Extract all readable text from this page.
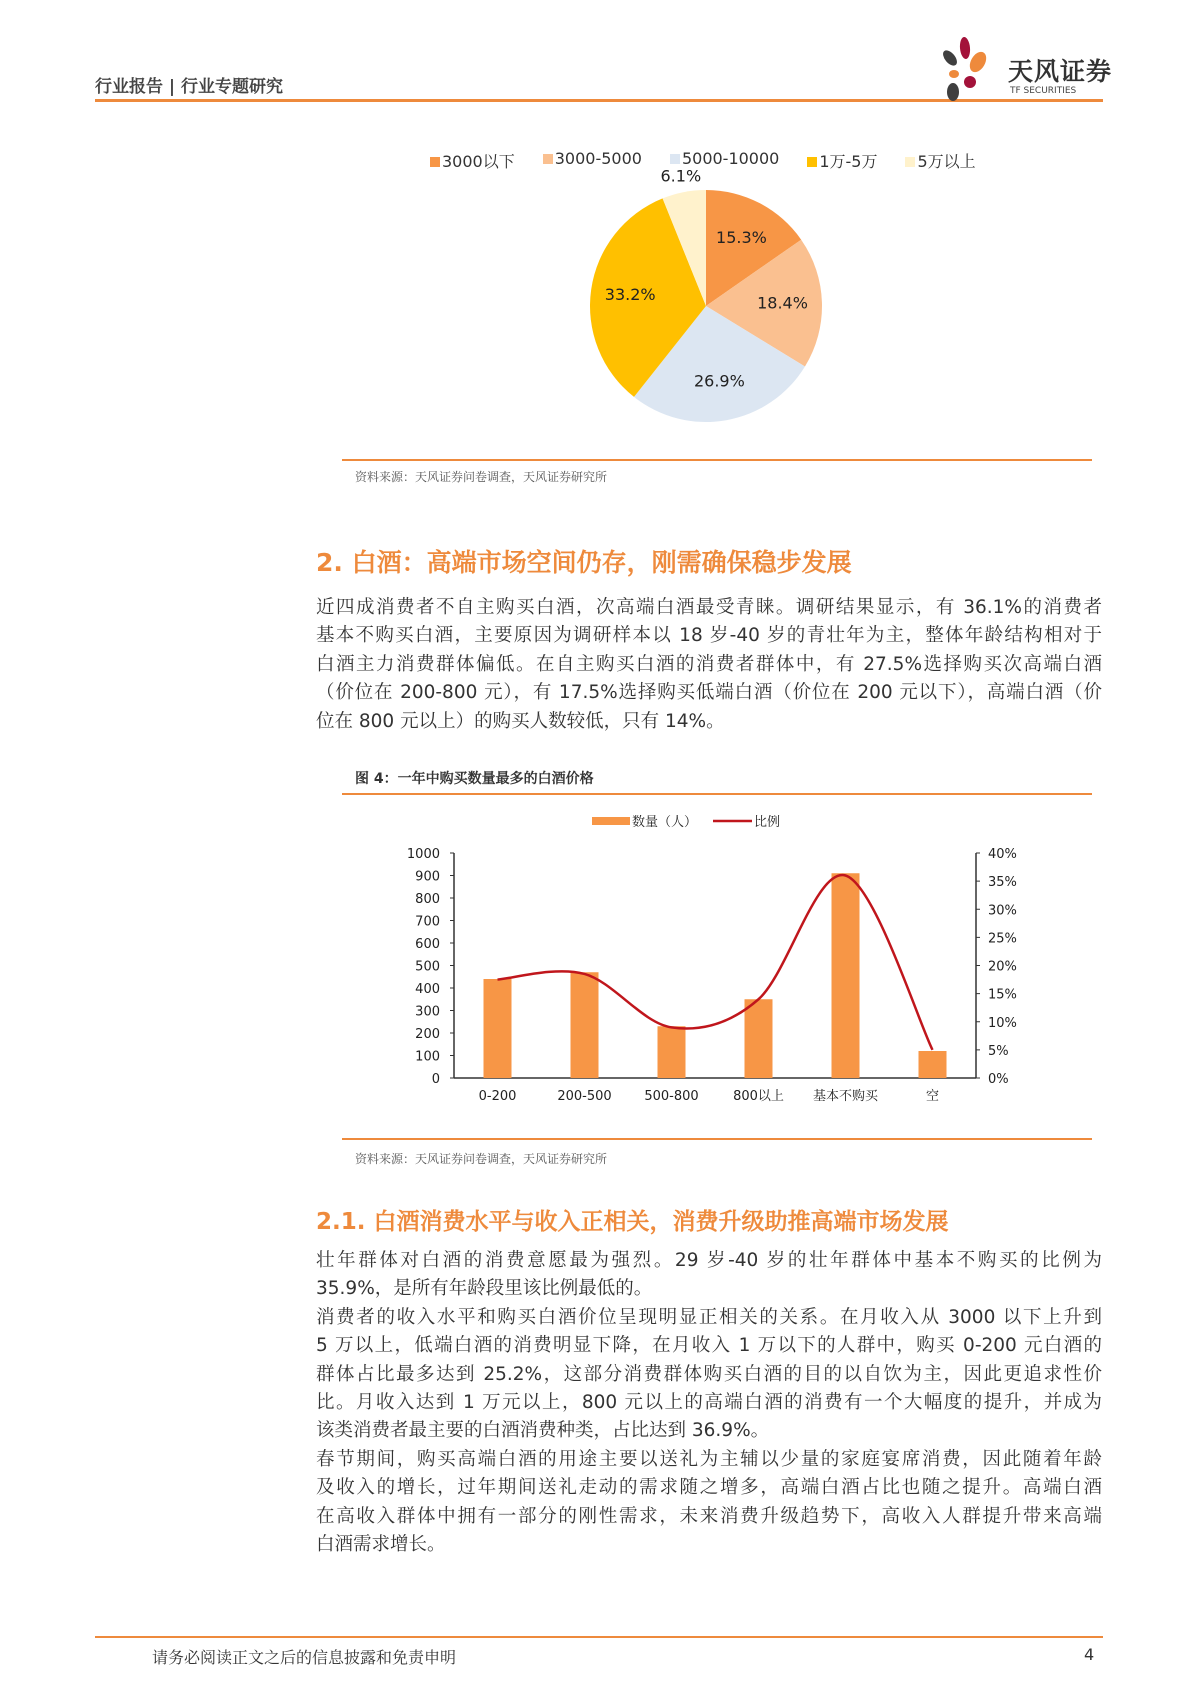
行业报告 | 行业专题研究
天风证券
TF SECURITIES
3000以下	3000-5000	5000-10000	1万-5万	5万以上
15.3%
18.4%
26.9%
33.2%
6.1%
资料来源：天风证券问卷调查，天风证券研究所
2. 白酒：高端市场空间仍存，刚需确保稳步发展
近四成消费者不自主购买白酒，次高端白酒最受青睐。调研结果显示，有 36.1%的消费者
基本不购买白酒，主要原因为调研样本以 18 岁-40 岁的青壮年为主，整体年龄结构相对于
白酒主力消费群体偏低。在自主购买白酒的消费者群体中，有 27.5%选择购买次高端白酒
（价位在 200-800 元），有 17.5%选择购买低端白酒（价位在 200 元以下），高端白酒（价
位在 800 元以上）的购买人数较低，只有 14%。
图 4：一年中购买数量最多的白酒价格
0
100
200
300
400
500
600
700
800
900
1000
0%
5%
10%
15%
20%
25%
30%
35%
40%
0-200	200-500	500-800	800以上 基本不购买	空
数量（人）	比例
资料来源：天风证券问卷调查，天风证券研究所
2.1. 白酒消费水平与收入正相关，消费升级助推高端市场发展
壮年群体对白酒的消费意愿最为强烈。29 岁-40 岁的壮年群体中基本不购买的比例为
35.9%，是所有年龄段里该比例最低的。
消费者的收入水平和购买白酒价位呈现明显正相关的关系。在月收入从 3000 以下上升到
5 万以上，低端白酒的消费明显下降，在月收入 1 万以下的人群中，购买 0-200 元白酒的
群体占比最多达到 25.2%，这部分消费群体购买白酒的目的以自饮为主，因此更追求性价
比。月收入达到 1 万元以上，800 元以上的高端白酒的消费有一个大幅度的提升，并成为
该类消费者最主要的白酒消费种类，占比达到 36.9%。
春节期间，购买高端白酒的用途主要以送礼为主辅以少量的家庭宴席消费，因此随着年龄
及收入的增长，过年期间送礼走动的需求随之增多，高端白酒占比也随之提升。高端白酒
在高收入群体中拥有一部分的刚性需求，未来消费升级趋势下，高收入人群提升带来高端
白酒需求增长。
请务必阅读正文之后的信息披露和免责申明	4
